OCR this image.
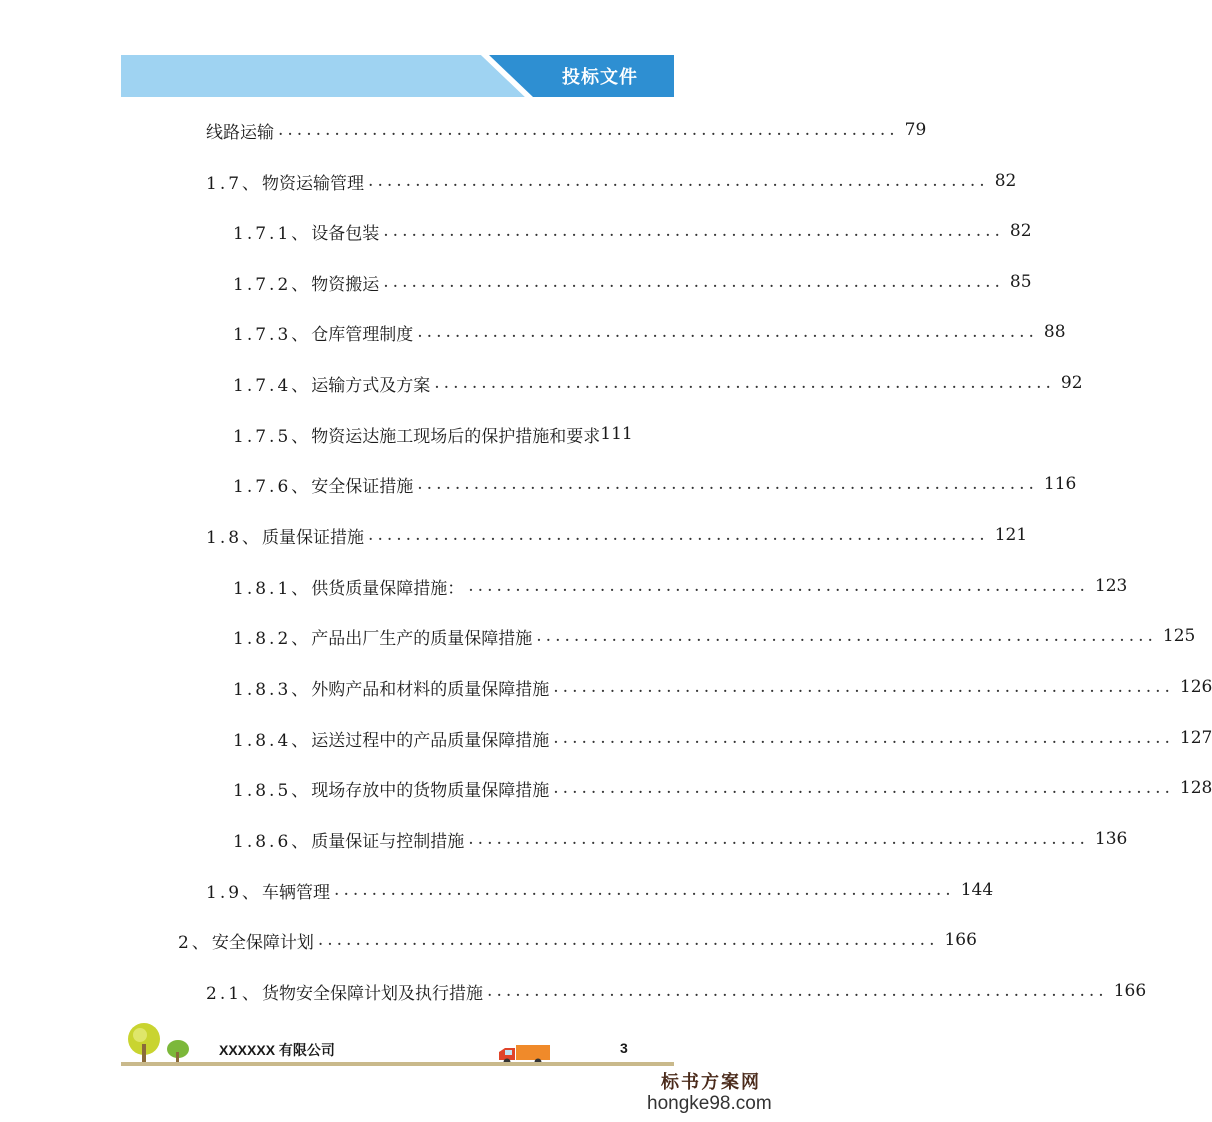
投标文件
线路运输 .................................................................. 79
1.7、 物资运输管理 .................................................................. 82
1.7.1、 设备包装 .................................................................. 82
1.7.2、 物资搬运 .................................................................. 85
1.7.3、 仓库管理制度 .................................................................. 88
1.7.4、 运输方式及方案 .................................................................. 92
1.7.5、 物资运达施工现场后的保护措施和要求 111
1.7.6、 安全保证措施 .................................................................. 116
1.8、 质量保证措施 .................................................................. 121
1.8.1、 供货质量保障措施： .................................................................. 123
1.8.2、 产品出厂生产的质量保障措施 .................................................................. 125
1.8.3、 外购产品和材料的质量保障措施 .................................................................. 126
1.8.4、 运送过程中的产品质量保障措施 .................................................................. 127
1.8.5、 现场存放中的货物质量保障措施 .................................................................. 128
1.8.6、 质量保证与控制措施 .................................................................. 136
1.9、 车辆管理 .................................................................. 144
2、 安全保障计划 .................................................................. 166
2.1、 货物安全保障计划及执行措施 .................................................................. 166
XXXXXX 有限公司	3
标书方案网
hongke98.com
